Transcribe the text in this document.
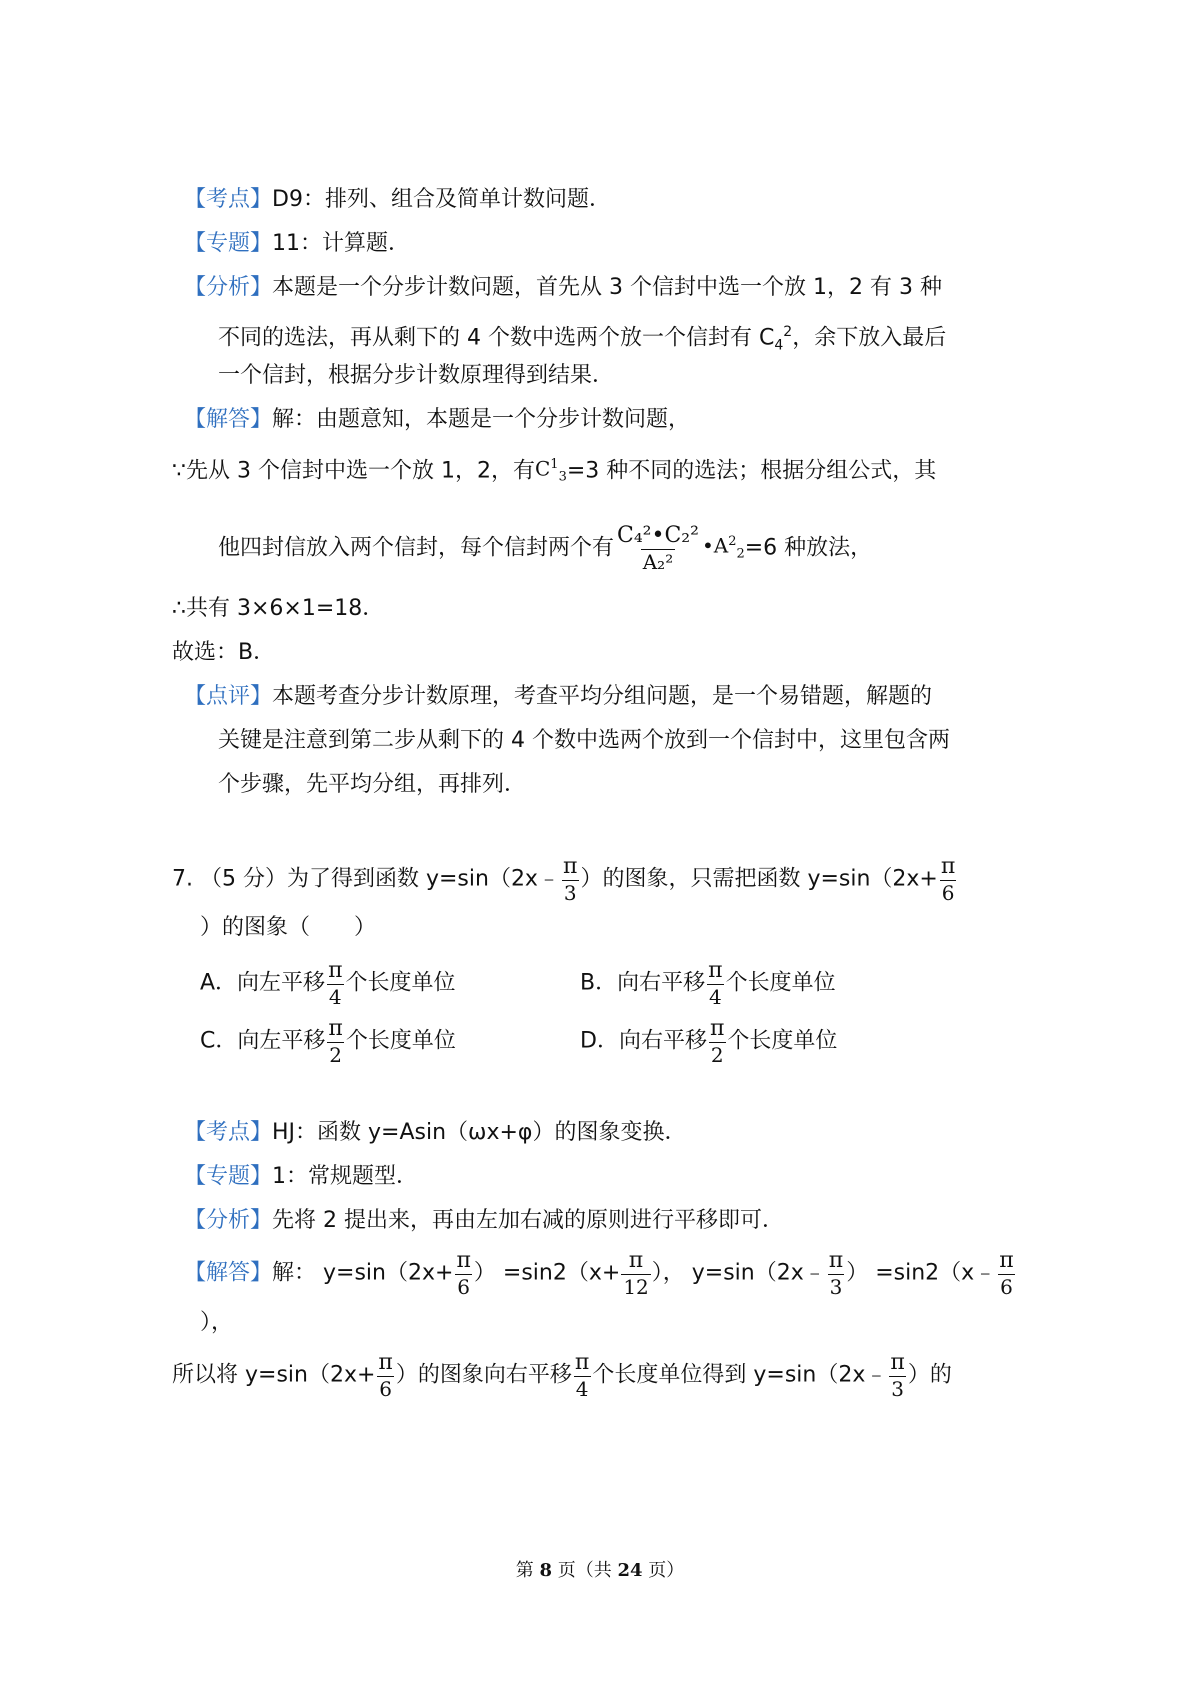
【考点】D9：排列、组合及简单计数问题．
【专题】11：计算题．
【分析】本题是一个分步计数问题，首先从 3 个信封中选一个放 1，2 有 3 种
不同的选法，再从剩下的 4 个数中选两个放一个信封有 $C_4^2$，余下放入最后
一个信封，根据分步计数原理得到结果．
【解答】解：由题意知，本题是一个分步计数问题，
∵先从 3 个信封中选一个放 1，2，有$C^1_3=3$ 种不同的选法；根据分组公式，其
他四封信放入两个信封，每个信封两个有 $\frac{\text{C₄²•C₂²}}{\text{A₂²}}$ $•A^2_2=6$ 种放法，
∴共有 3×6×1=18．
故选：B．
【点评】本题考查分步计数原理，考查平均分组问题，是一个易错题，解题的
关键是注意到第二步从剩下的 4 个数中选两个放到一个信封中，这里包含两
个步骤，先平均分组，再排列．
7. （5 分）为了得到函数 y=sin（2x﹣ $\frac{\pi}{3}$ ）的图象，只需把函数 $y=\sin(2x+ \frac{\pi}{6}$
）的图象（　　）
A．向左平移 $\frac{\pi}{4}$ 个长度单位	B．向右平移 $\frac{\pi}{4}$ 个长度单位
C．向左平移 $\frac{\pi}{2}$ 个长度单位	D．向右平移 $\frac{\pi}{2}$ 个长度单位
【考点】HJ：函数 y=Asin（ωx+φ）的图象变换．
【专题】1：常规题型．
【分析】先将 2 提出来，再由左加右减的原则进行平移即可．
【解答】解： $y=\sin(2x+ \frac{\pi}{6}$ ） $=\sin 2(x+ \frac{\pi}{12}$ ）， y=sin（2x﹣ $\frac{\pi}{3}$ ） =sin2（x﹣ $\frac{\pi}{6}$
），
所以将 $y=\sin(2x+ \frac{\pi}{6}$ ）的图象向右平移 $\frac{\pi}{4}$ 个长度单位得到 y=sin（2x﹣ $\frac{\pi}{3}$ ）的
第 8 页（共 24 页）
